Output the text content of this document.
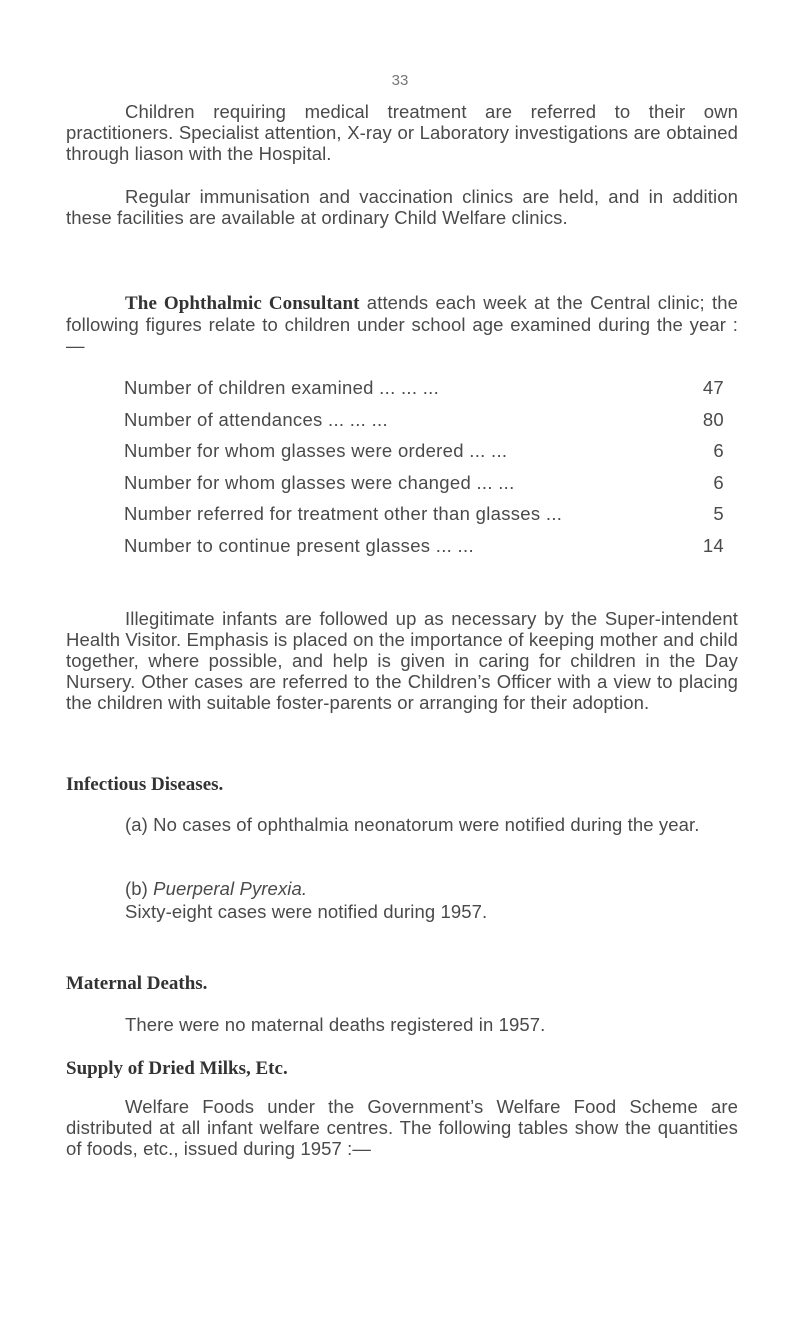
33

Children requiring medical treatment are referred to their own practitioners. Specialist attention, X-ray or Laboratory investigations are obtained through liason with the Hospital.

Regular immunisation and vaccination clinics are held, and in addition these facilities are available at ordinary Child Welfare clinics.

The Ophthalmic Consultant attends each week at the Central clinic; the following figures relate to children under school age examined during the year :—

Number of children examined ... ... ...	47
Number of attendances ... ... ...	80
Number for whom glasses were ordered ... ...	6
Number for whom glasses were changed ... ...	6
Number referred for treatment other than glasses ...	5
Number to continue present glasses ... ...	14

Illegitimate infants are followed up as necessary by the Super-intendent Health Visitor. Emphasis is placed on the importance of keeping mother and child together, where possible, and help is given in caring for children in the Day Nursery. Other cases are referred to the Children’s Officer with a view to placing the children with suitable foster-parents or arranging for their adoption.

Infectious Diseases.

(a) No cases of ophthalmia neonatorum were notified during the year.

(b) Puerperal Pyrexia.

Sixty-eight cases were notified during 1957.

Maternal Deaths.

There were no maternal deaths registered in 1957.

Supply of Dried Milks, Etc.

Welfare Foods under the Government’s Welfare Food Scheme are distributed at all infant welfare centres. The following tables show the quantities of foods, etc., issued during 1957 :—
